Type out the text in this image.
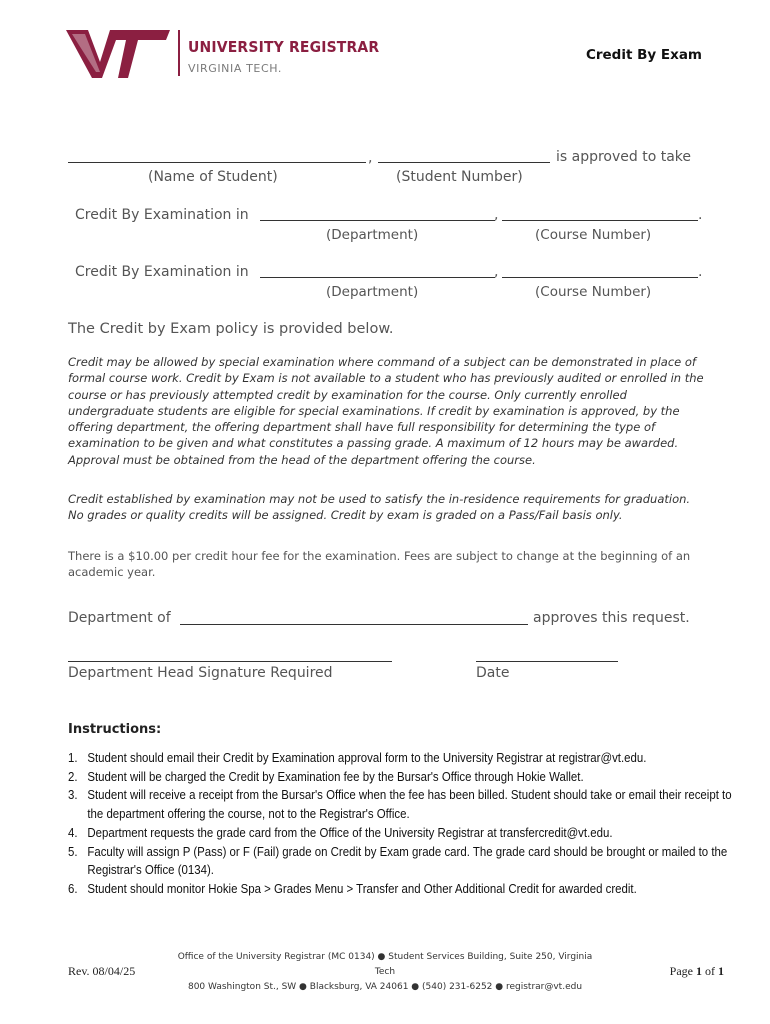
UNIVERSITY REGISTRAR
VIRGINIA TECH.
Credit By Exam
,	is approved to take
(Name of Student)	(Student Number)
Credit By Examination in	,	.
(Department)	(Course Number)
Credit By Examination in	,	.
(Department)	(Course Number)
The Credit by Exam policy is provided below.
Credit may be allowed by special examination where command of a subject can be demonstrated in place of formal course work. Credit by Exam is not available to a student who has previously audited or enrolled in the course or has previously attempted credit by examination for the course. Only currently enrolled undergraduate students are eligible for special examinations. If credit by examination is approved, by the offering department, the offering department shall have full responsibility for determining the type of examination to be given and what constitutes a passing grade. A maximum of 12 hours may be awarded. Approval must be obtained from the head of the department offering the course.
Credit established by examination may not be used to satisfy the in-residence requirements for graduation. No grades or quality credits will be assigned. Credit by exam is graded on a Pass/Fail basis only.
There is a $10.00 per credit hour fee for the examination. Fees are subject to change at the beginning of an academic year.
Department of	approves this request.
Department Head Signature Required	Date
Instructions:
1. Student should email their Credit by Examination approval form to the University Registrar at registrar@vt.edu.
2. Student will be charged the Credit by Examination fee by the Bursar's Office through Hokie Wallet.
3. Student will receive a receipt from the Bursar's Office when the fee has been billed. Student should take or email their receipt to the department offering the course, not to the Registrar's Office.
4. Department requests the grade card from the Office of the University Registrar at transfercredit@vt.edu.
5. Faculty will assign P (Pass) or F (Fail) grade on Credit by Exam grade card. The grade card should be brought or mailed to the Registrar's Office (0134).
6. Student should monitor Hokie Spa > Grades Menu > Transfer and Other Additional Credit for awarded credit.
Rev. 08/04/25
Office of the University Registrar (MC 0134) ● Student Services Building, Suite 250, Virginia Tech
800 Washington St., SW ● Blacksburg, VA 24061 ● (540) 231-6252 ● registrar@vt.edu
Page 1 of 1
